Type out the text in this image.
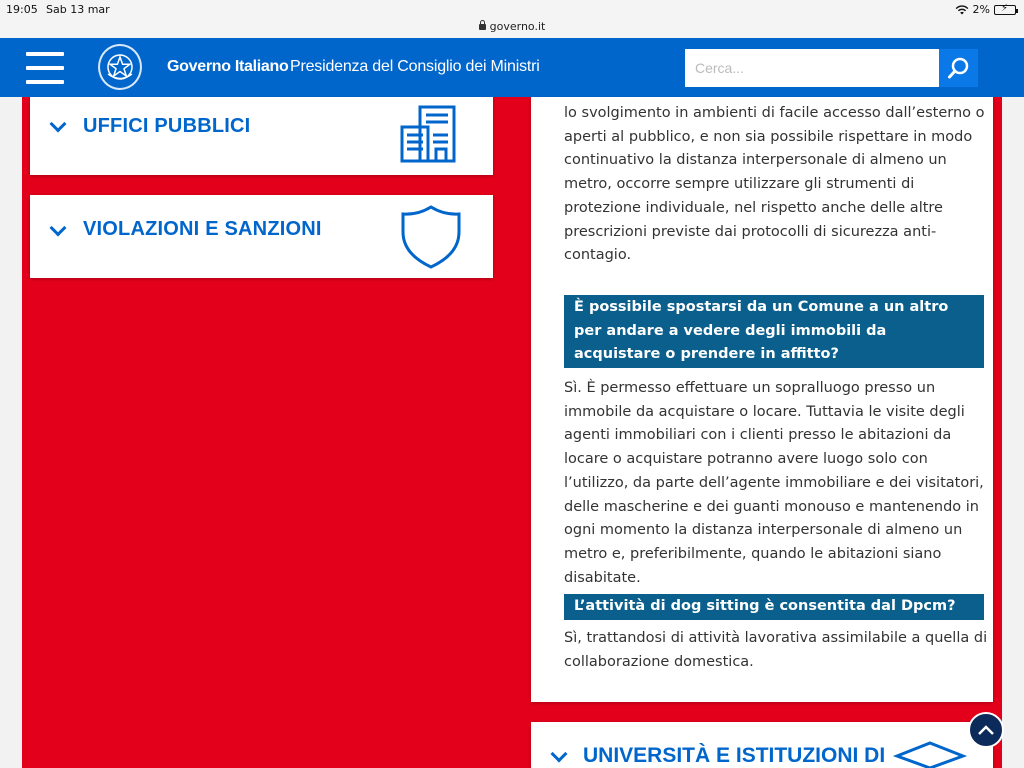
19:05 Sab 13 mar	2% ⚡
governo.it
Governo Italiano Presidenza del Consiglio dei Ministri
Cerca...
UFFICI PUBBLICI
VIOLAZIONI E SANZIONI

lo svolgimento in ambienti di facile accesso dall’esterno o aperti al pubblico, e non sia possibile rispettare in modo continuativo la distanza interpersonale di almeno un metro, occorre sempre utilizzare gli strumenti di protezione individuale, nel rispetto anche delle altre prescrizioni previste dai protocolli di sicurezza anti-contagio.

È possibile spostarsi da un Comune a un altro per andare a vedere degli immobili da acquistare o prendere in affitto?

Sì. È permesso effettuare un sopralluogo presso un immobile da acquistare o locare. Tuttavia le visite degli agenti immobiliari con i clienti presso le abitazioni da locare o acquistare potranno avere luogo solo con l’utilizzo, da parte dell’agente immobiliare e dei visitatori, delle mascherine e dei guanti monouso e mantenendo in ogni momento la distanza interpersonale di almeno un metro e, preferibilmente, quando le abitazioni siano disabitate.

L’attività di dog sitting è consentita dal Dpcm?

Sì, trattandosi di attività lavorativa assimilabile a quella di collaborazione domestica.

UNIVERSITÀ E ISTITUZIONI DI
